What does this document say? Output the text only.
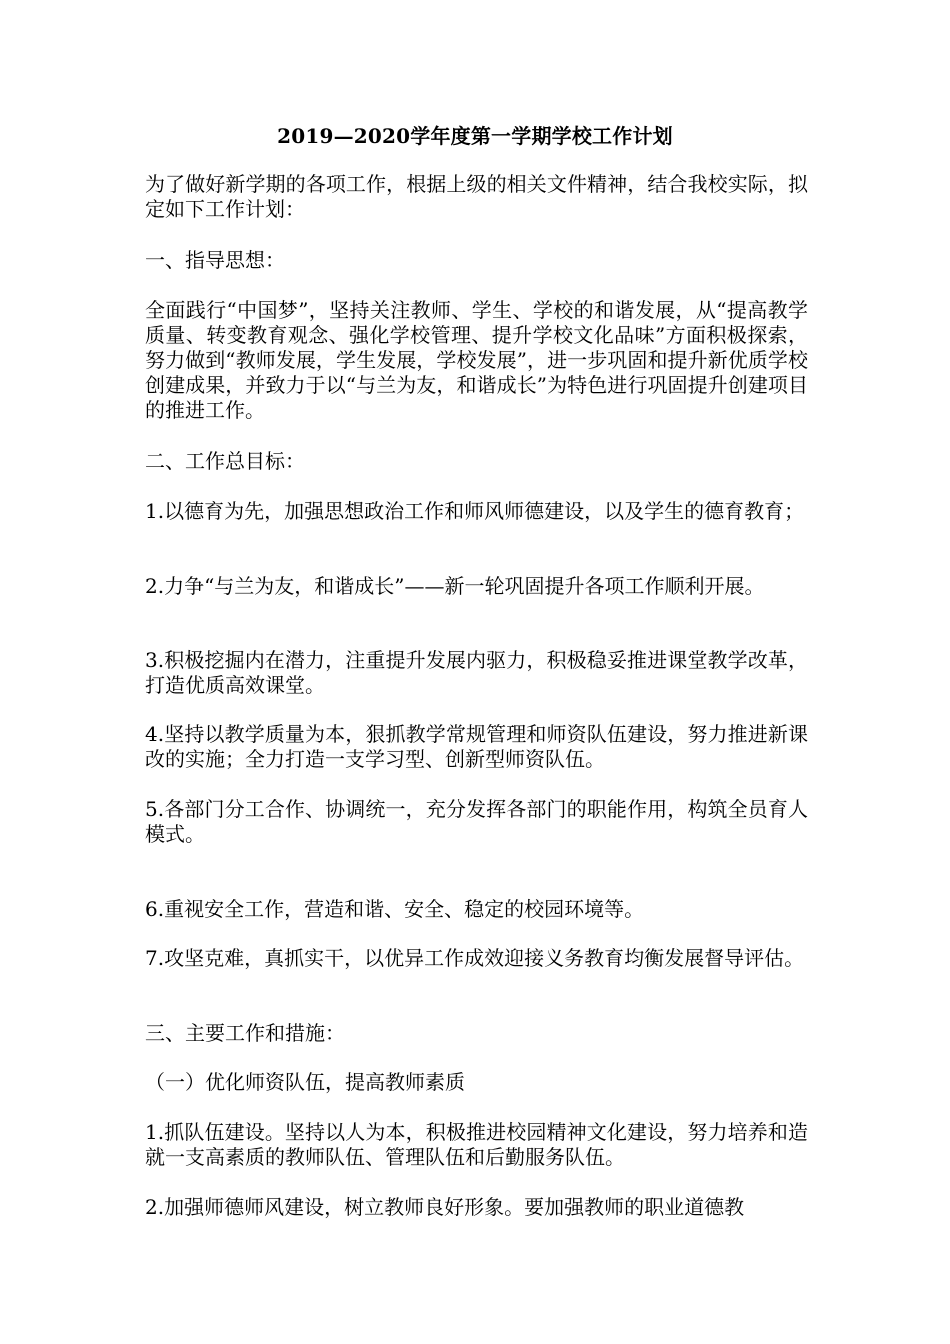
2019—2020学年度第一学期学校工作计划

为了做好新学期的各项工作，根据上级的相关文件精神，结合我校实际，拟定如下工作计划：

一、指导思想：

全面践行“中国梦”，坚持关注教师、学生、学校的和谐发展，从“提高教学质量、转变教育观念、强化学校管理、提升学校文化品味”方面积极探索，努力做到“教师发展，学生发展，学校发展”，进一步巩固和提升新优质学校创建成果，并致力于以“与兰为友，和谐成长”为特色进行巩固提升创建项目的推进工作。

二、工作总目标：

1.以德育为先，加强思想政治工作和师风师德建设，以及学生的德育教育；

2.力争“与兰为友，和谐成长”——新一轮巩固提升各项工作顺利开展。

3.积极挖掘内在潜力，注重提升发展内驱力，积极稳妥推进课堂教学改革，打造优质高效课堂。

4.坚持以教学质量为本，狠抓教学常规管理和师资队伍建设，努力推进新课改的实施；全力打造一支学习型、创新型师资队伍。

5.各部门分工合作、协调统一，充分发挥各部门的职能作用，构筑全员育人模式。

6.重视安全工作，营造和谐、安全、稳定的校园环境等。

7.攻坚克难，真抓实干，以优异工作成效迎接义务教育均衡发展督导评估。

三、主要工作和措施：

（一）优化师资队伍，提高教师素质

1.抓队伍建设。坚持以人为本，积极推进校园精神文化建设，努力培养和造就一支高素质的教师队伍、管理队伍和后勤服务队伍。

2.加强师德师风建设，树立教师良好形象。要加强教师的职业道德教
